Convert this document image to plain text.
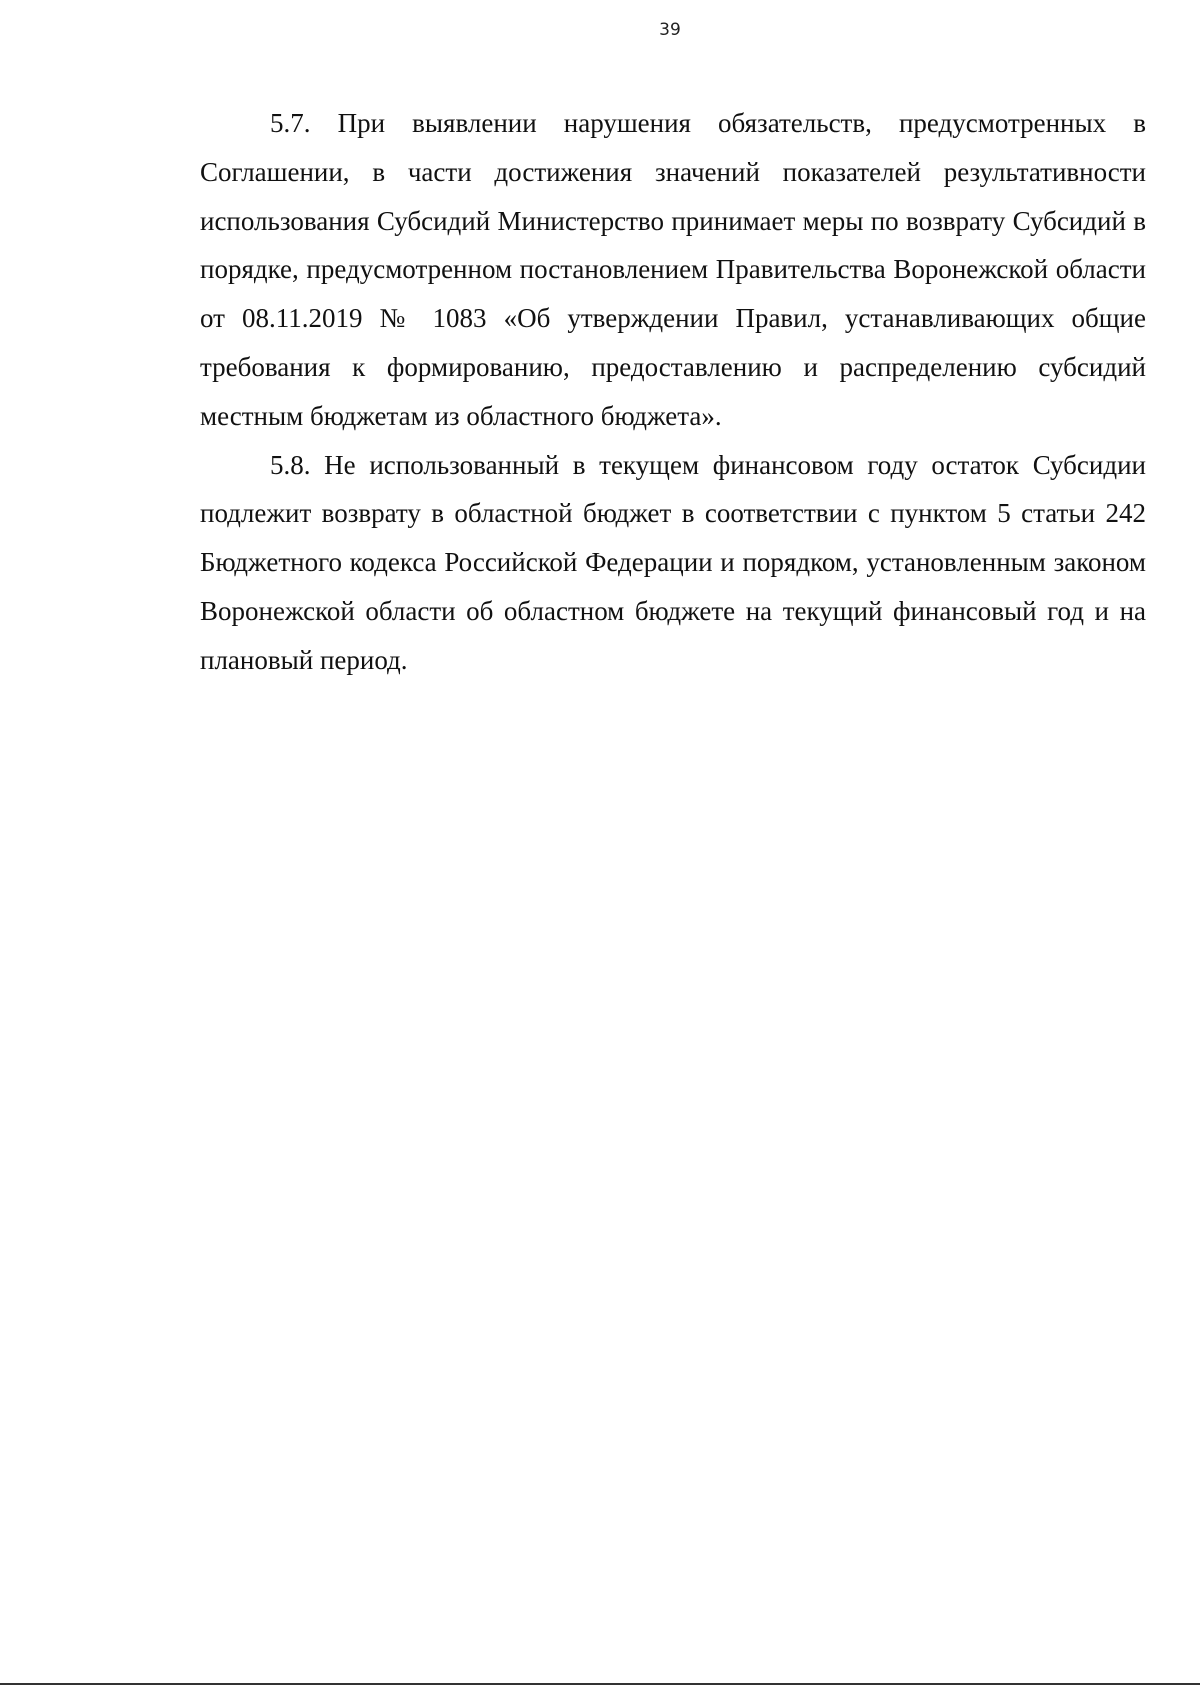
39

5.7. При выявлении нарушения обязательств, предусмотренных в Соглашении, в части достижения значений показателей результативности использования Субсидий Министерство принимает меры по возврату Субсидий в порядке, предусмотренном постановлением Правительства Воронежской области от 08.11.2019 № 1083 «Об утверждении Правил, устанавливающих общие требования к формированию, предоставлению и распределению субсидий местным бюджетам из областного бюджета».

5.8. Не использованный в текущем финансовом году остаток Субсидии подлежит возврату в областной бюджет в соответствии с пунктом 5 статьи 242 Бюджетного кодекса Российской Федерации и порядком, установленным законом Воронежской области об областном бюджете на текущий финансовый год и на плановый период.
